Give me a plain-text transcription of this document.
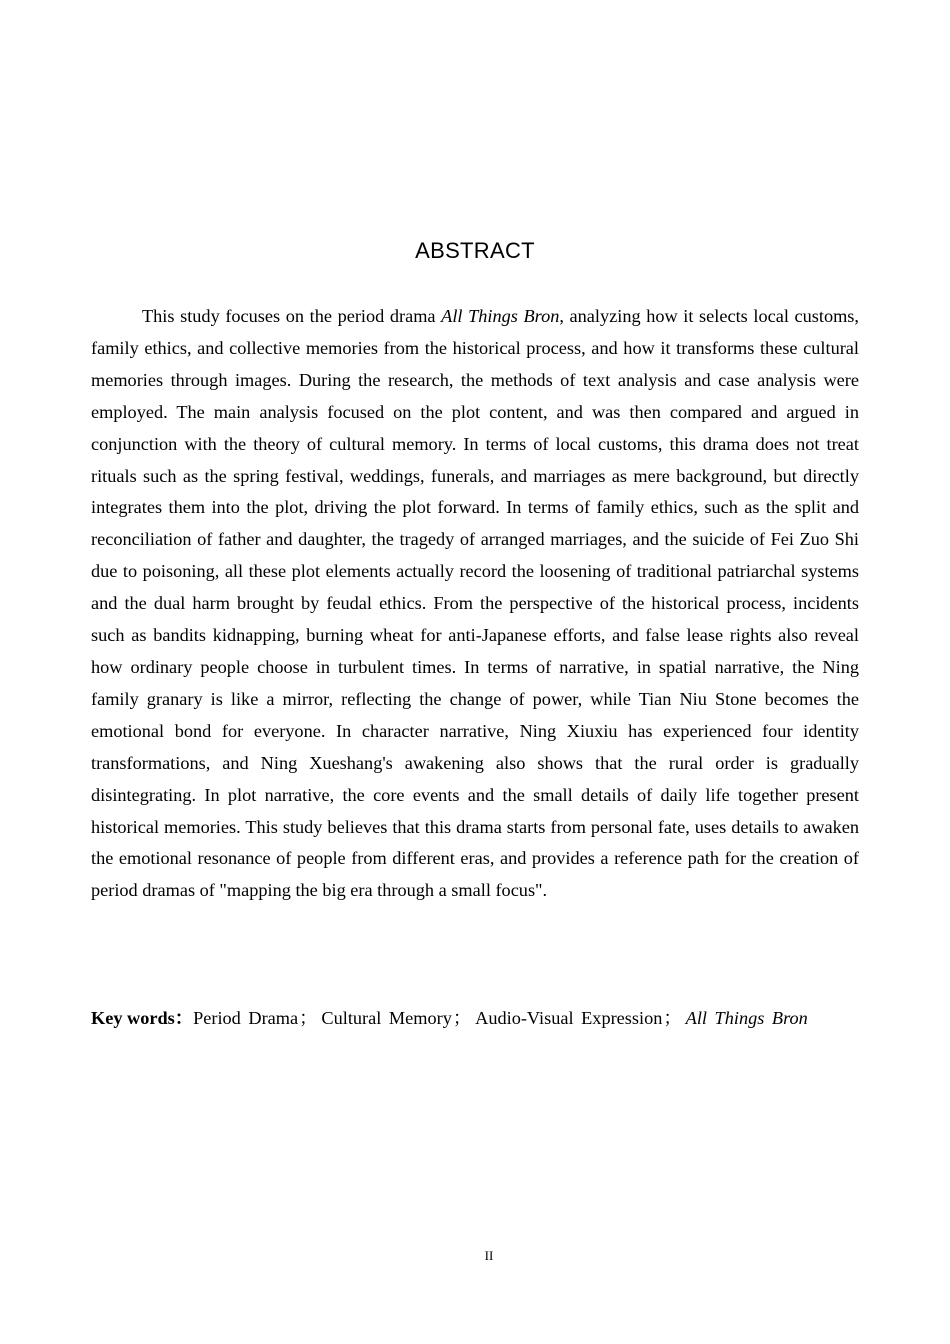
ABSTRACT

This study focuses on the period drama All Things Bron, analyzing how it selects local customs, family ethics, and collective memories from the historical process, and how it transforms these cultural memories through images. During the research, the methods of text analysis and case analysis were employed. The main analysis focused on the plot content, and was then compared and argued in conjunction with the theory of cultural memory. In terms of local customs, this drama does not treat rituals such as the spring festival, weddings, funerals, and marriages as mere background, but directly integrates them into the plot, driving the plot forward. In terms of family ethics, such as the split and reconciliation of father and daughter, the tragedy of arranged marriages, and the suicide of Fei Zuo Shi due to poisoning, all these plot elements actually record the loosening of traditional patriarchal systems and the dual harm brought by feudal ethics. From the perspective of the historical process, incidents such as bandits kidnapping, burning wheat for anti-Japanese efforts, and false lease rights also reveal how ordinary people choose in turbulent times. In terms of narrative, in spatial narrative, the Ning family granary is like a mirror, reflecting the change of power, while Tian Niu Stone becomes the emotional bond for everyone. In character narrative, Ning Xiuxiu has experienced four identity transformations, and Ning Xueshang's awakening also shows that the rural order is gradually disintegrating. In plot narrative, the core events and the small details of daily life together present historical memories. This study believes that this drama starts from personal fate, uses details to awaken the emotional resonance of people from different eras, and provides a reference path for the creation of period dramas of "mapping the big era through a small focus".

Key words：Period Drama； Cultural Memory； Audio-Visual Expression； All Things Bron

II
